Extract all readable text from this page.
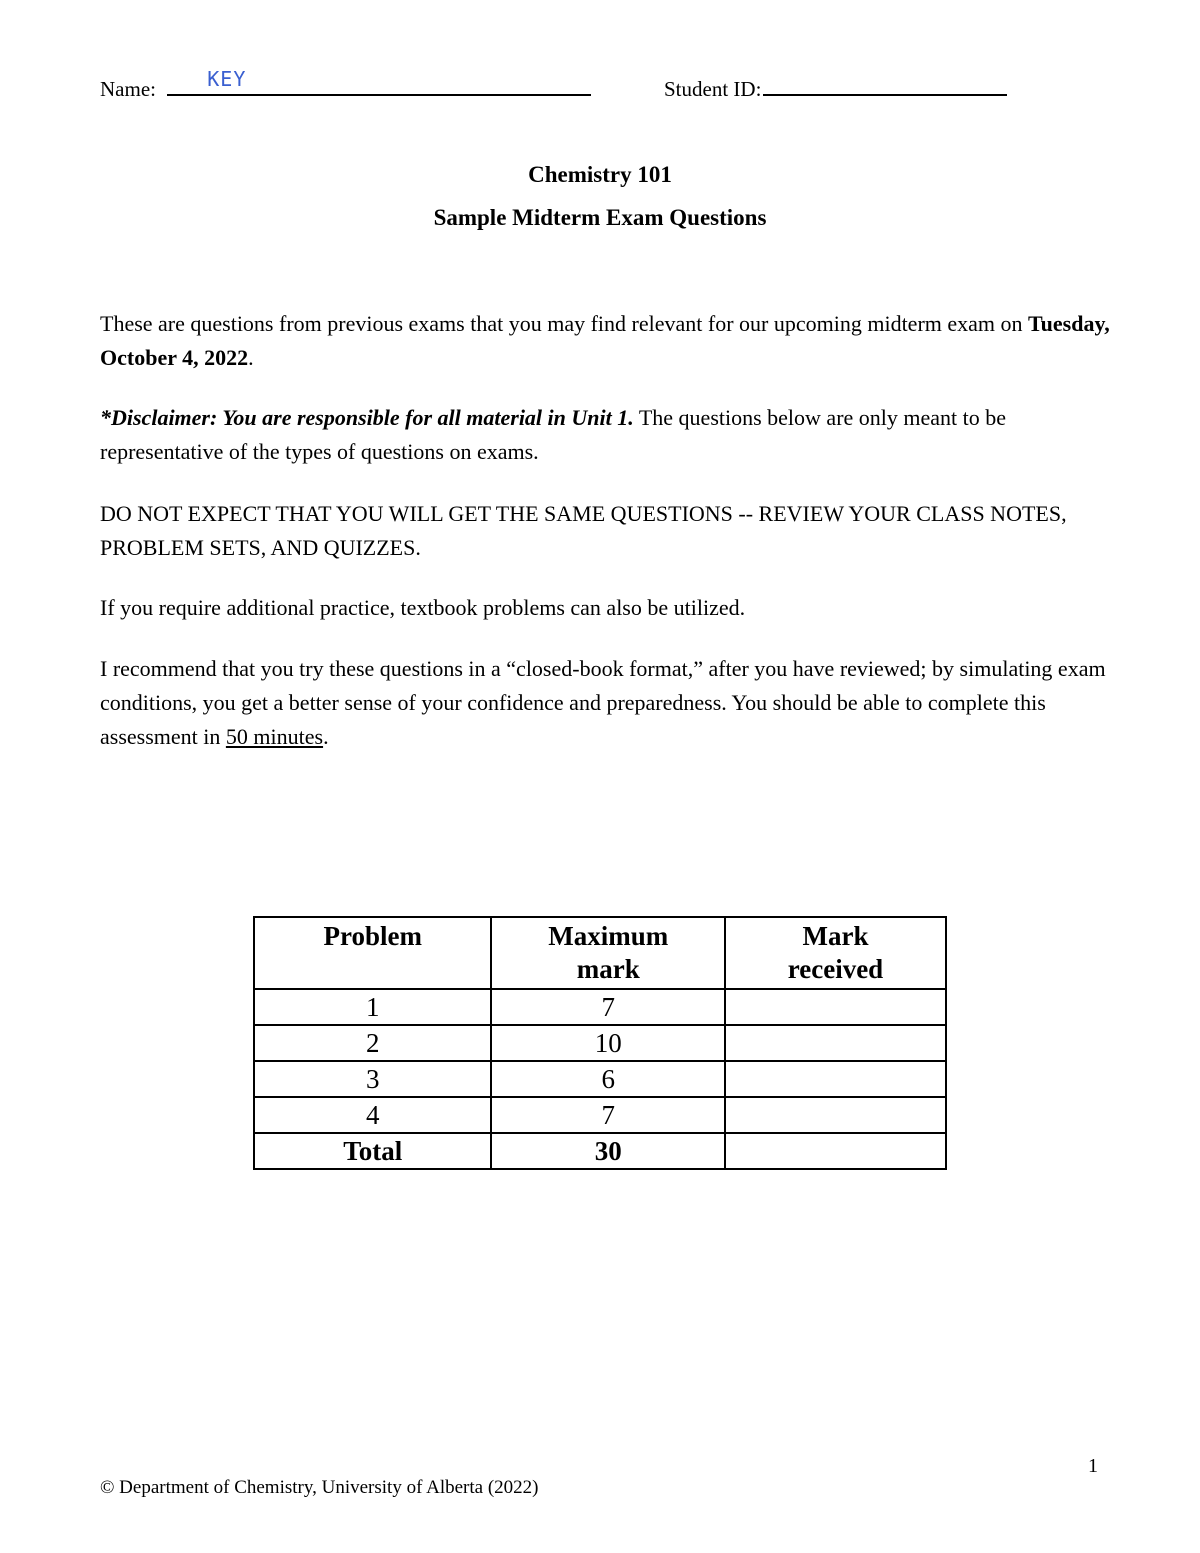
Name:	KEY	Student ID:
Chemistry 101
Sample Midterm Exam Questions
These are questions from previous exams that you may find relevant for our upcoming midterm exam on Tuesday, October 4, 2022.
*Disclaimer: You are responsible for all material in Unit 1. The questions below are only meant to be representative of the types of questions on exams.
DO NOT EXPECT THAT YOU WILL GET THE SAME QUESTIONS -- REVIEW YOUR CLASS NOTES, PROBLEM SETS, AND QUIZZES.
If you require additional practice, textbook problems can also be utilized.
I recommend that you try these questions in a “closed-book format,” after you have reviewed; by simulating exam conditions, you get a better sense of your confidence and preparedness. You should be able to complete this assessment in 50 minutes.
Problem	Maximum mark	Mark received
1	7	
2	10	
3	6	
4	7	
Total	30	
1
© Department of Chemistry, University of Alberta (2022)
